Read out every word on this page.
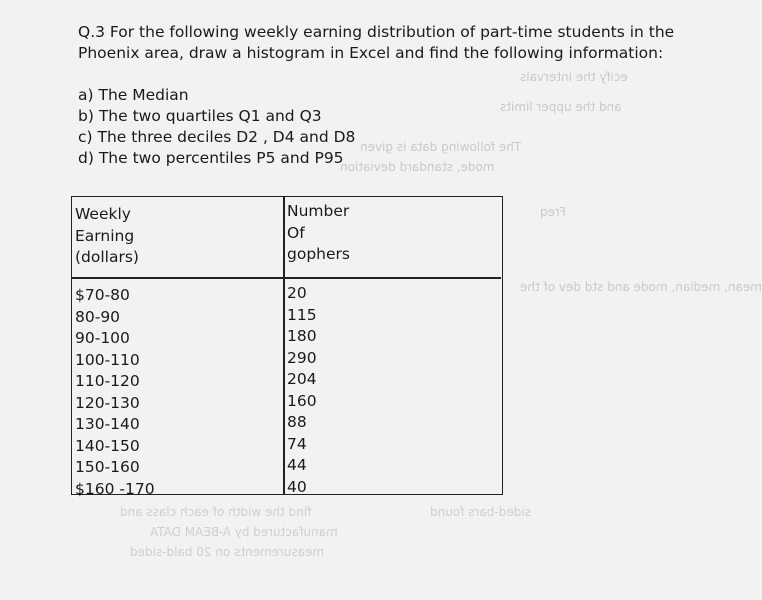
ecify the intervals
and the upper limits
The following data is given
mode, standard deviation
Freq
mean, median, mode and std dev of the
Q.3 For the following weekly earning distribution of part-time students in the
Phoenix area, draw a histogram in Excel and find the following information:
a) The Median
b) The two quartiles Q1 and Q3
c) The three deciles D2 , D4 and D8
d) The two percentiles P5 and P95
Weekly
Earning
(dollars)
Number
Of
gophers
$70-80
80-90
90-100
100-110
110-120
120-130
130-140
140-150
150-160
$160 -170
20
115
180
290
204
160
88
74
44
40
find the width of each class and
manufactured by A-BEAM DATA
measurements on 20 bald-sided
sided-bars found
